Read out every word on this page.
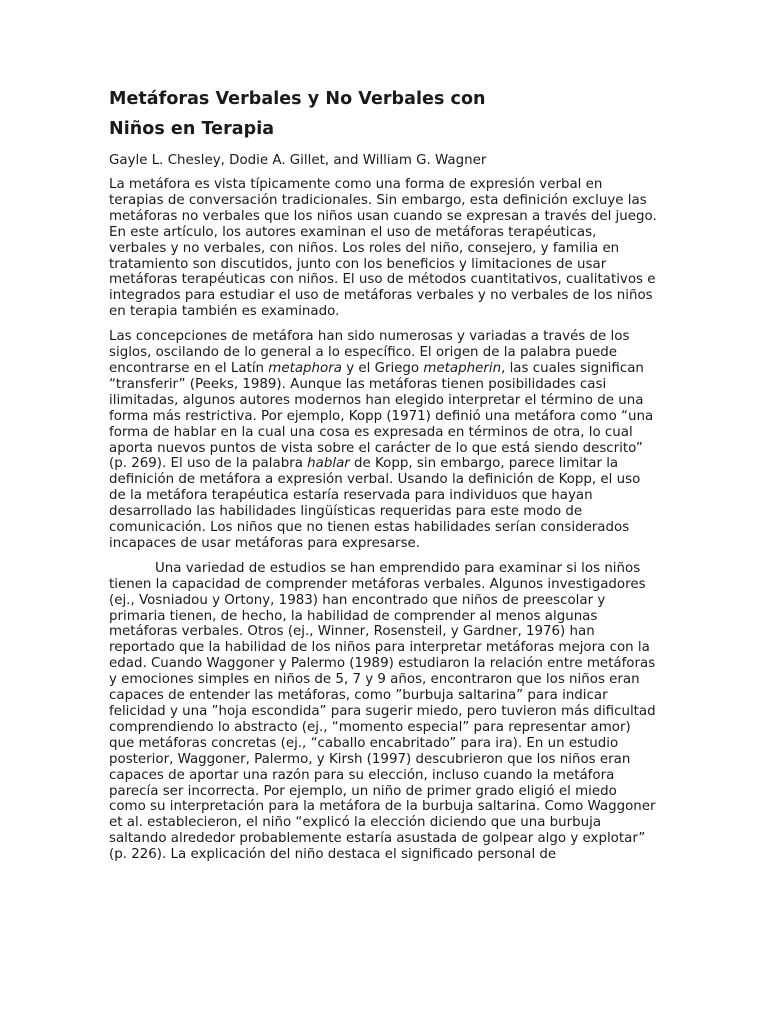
Metáforas Verbales y No Verbales con
Niños en Terapia

Gayle L. Chesley, Dodie A. Gillet, and William G. Wagner

La metáfora es vista típicamente como una forma de expresión verbal en terapias de conversación tradicionales. Sin embargo, esta definición excluye las metáforas no verbales que los niños usan cuando se expresan a través del juego. En este artículo, los autores examinan el uso de metáforas terapéuticas, verbales y no verbales, con niños. Los roles del niño, consejero, y familia en tratamiento son discutidos, junto con los beneficios y limitaciones de usar metáforas terapéuticas con niños. El uso de métodos cuantitativos, cualitativos e integrados para estudiar el uso de metáforas verbales y no verbales de los niños en terapia también es examinado.

Las concepciones de metáfora han sido numerosas y variadas a través de los siglos, oscilando de lo general a lo específico. El origen de la palabra puede encontrarse en el Latín metaphora y el Griego metapherin, las cuales significan “transferir” (Peeks, 1989). Aunque las metáforas tienen posibilidades casi ilimitadas, algunos autores modernos han elegido interpretar el término de una forma más restrictiva. Por ejemplo, Kopp (1971) definió una metáfora como “una forma de hablar en la cual una cosa es expresada en términos de otra, lo cual aporta nuevos puntos de vista sobre el carácter de lo que está siendo descrito” (p. 269). El uso de la palabra hablar de Kopp, sin embargo, parece limitar la definición de metáfora a expresión verbal. Usando la definición de Kopp, el uso de la metáfora terapéutica estaría reservada para individuos que hayan desarrollado las habilidades lingüísticas requeridas para este modo de comunicación. Los niños que no tienen estas habilidades serían considerados incapaces de usar metáforas para expresarse.

Una variedad de estudios se han emprendido para examinar si los niños tienen la capacidad de comprender metáforas verbales. Algunos investigadores (ej., Vosniadou y Ortony, 1983) han encontrado que niños de preescolar y primaria tienen, de hecho, la habilidad de comprender al menos algunas metáforas verbales. Otros (ej., Winner, Rosensteil, y Gardner, 1976) han reportado que la habilidad de los niños para interpretar metáforas mejora con la edad. Cuando Waggoner y Palermo (1989) estudiaron la relación entre metáforas y emociones simples en niños de 5, 7 y 9 años, encontraron que los niños eran capaces de entender las metáforas, como ”burbuja saltarina” para indicar felicidad y una ”hoja escondida” para sugerir miedo, pero tuvieron más dificultad comprendiendo lo abstracto (ej., “momento especial” para representar amor) que metáforas concretas (ej., “caballo encabritado” para ira). En un estudio posterior, Waggoner, Palermo, y Kirsh (1997) descubrieron que los niños eran capaces de aportar una razón para su elección, incluso cuando la metáfora parecía ser incorrecta. Por ejemplo, un niño de primer grado eligió el miedo como su interpretación para la metáfora de la burbuja saltarina. Como Waggoner et al. establecieron, el niño “explicó la elección diciendo que una burbuja saltando alrededor probablemente estaría asustada de golpear algo y explotar” (p. 226). La explicación del niño destaca el significado personal de
